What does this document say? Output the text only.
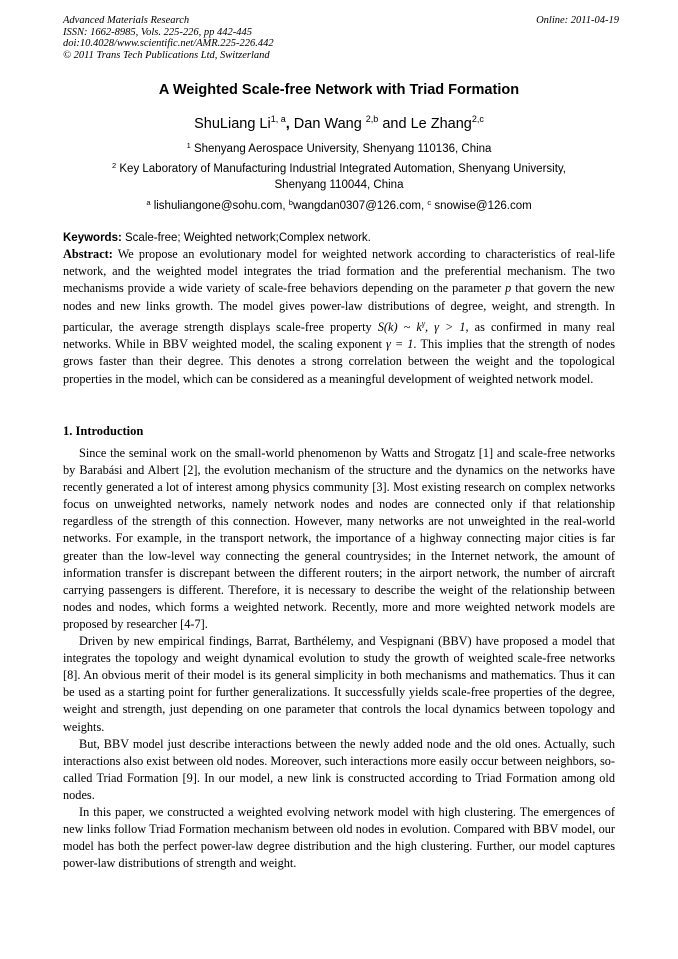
Advanced Materials Research
ISSN: 1662-8985, Vols. 225-226, pp 442-445
doi:10.4028/www.scientific.net/AMR.225-226.442
© 2011 Trans Tech Publications Ltd, Switzerland
Online: 2011-04-19
A Weighted Scale-free Network with Triad Formation
ShuLiang Li$^{1, a}$, Dan Wang $^{2,b}$ and Le Zhang$^{2,c}$
$^1$ Shenyang Aerospace University, Shenyang 110136, China
$^2$ Key Laboratory of Manufacturing Industrial Integrated Automation, Shenyang University,
Shenyang 110044, China
$^a$ lishuliangone@sohu.com, $^b$wangdan0307@126.com, $^c$ snowise@126.com
Keywords: Scale-free; Weighted network;Complex network.
Abstract: We propose an evolutionary model for weighted network according to characteristics of real-life network, and the weighted model integrates the triad formation and the preferential mechanism. The two mechanisms provide a wide variety of scale-free behaviors depending on the parameter p that govern the new nodes and new links growth. The model gives power-law distributions of degree, weight, and strength. In particular, the average strength displays scale-free property S(k) ~ $k^\gamma$, γ > 1, as confirmed in many real networks. While in BBV weighted model, the scaling exponent γ = 1. This implies that the strength of nodes grows faster than their degree. This denotes a strong correlation between the weight and the topological properties in the model, which can be considered as a meaningful development of weighted network model.
1. Introduction

Since the seminal work on the small-world phenomenon by Watts and Strogatz [1] and scale-free networks by Barabási and Albert [2], the evolution mechanism of the structure and the dynamics on the networks have recently generated a lot of interest among physics community [3]. Most existing research on complex networks focus on unweighted networks, namely network nodes and nodes are connected only if that relationship regardless of the strength of this connection. However, many networks are not unweighted in the real-world networks. For example, in the transport network, the importance of a highway connecting major cities is far greater than the low-level way connecting the general countrysides; in the Internet network, the amount of information transfer is discrepant between the different routers; in the airport network, the number of aircraft carrying passengers is different. Therefore, it is necessary to describe the weight of the relationship between nodes and nodes, which forms a weighted network. Recently, more and more weighted network models are proposed by researcher [4-7].

Driven by new empirical findings, Barrat, Barthélemy, and Vespignani (BBV) have proposed a model that integrates the topology and weight dynamical evolution to study the growth of weighted scale-free networks [8]. An obvious merit of their model is its general simplicity in both mechanisms and mathematics. Thus it can be used as a starting point for further generalizations. It successfully yields scale-free properties of the degree, weight and strength, just depending on one parameter that controls the local dynamics between topology and weights.

But, BBV model just describe interactions between the newly added node and the old ones. Actually, such interactions also exist between old nodes. Moreover, such interactions more easily occur between neighbors, so-called Triad Formation [9]. In our model, a new link is constructed according to Triad Formation among old nodes.

In this paper, we constructed a weighted evolving network model with high clustering. The emergences of new links follow Triad Formation mechanism between old nodes in evolution. Compared with BBV model, our model has both the perfect power-law degree distribution and the high clustering. Further, our model captures power-law distributions of strength and weight.
